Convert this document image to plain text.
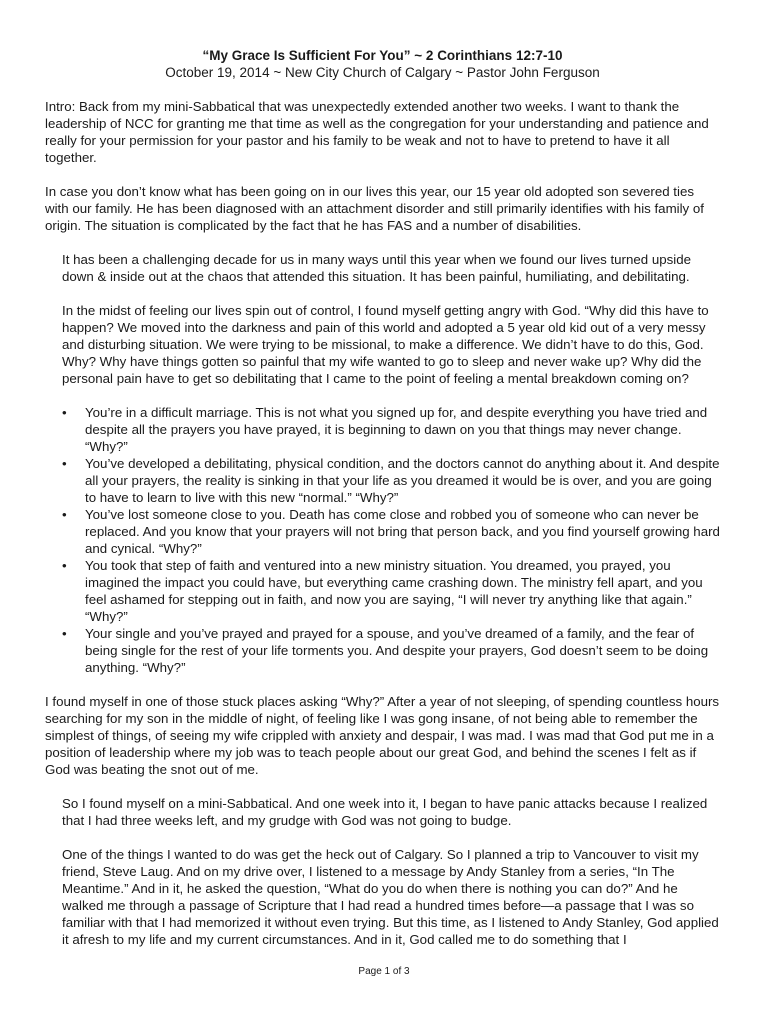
“My Grace Is Sufficient For You” ~ 2 Corinthians 12:7-10
October 19, 2014 ~ New City Church of Calgary ~ Pastor John Ferguson

Intro: Back from my mini-Sabbatical that was unexpectedly extended another two weeks. I want to thank the leadership of NCC for granting me that time as well as the congregation for your understanding and patience and really for your permission for your pastor and his family to be weak and not to have to pretend to have it all together.

In case you don’t know what has been going on in our lives this year, our 15 year old adopted son severed ties with our family. He has been diagnosed with an attachment disorder and still primarily identifies with his family of origin. The situation is complicated by the fact that he has FAS and a number of disabilities.

It has been a challenging decade for us in many ways until this year when we found our lives turned upside down & inside out at the chaos that attended this situation. It has been painful, humiliating, and debilitating.

In the midst of feeling our lives spin out of control, I found myself getting angry with God. “Why did this have to happen? We moved into the darkness and pain of this world and adopted a 5 year old kid out of a very messy and disturbing situation. We were trying to be missional, to make a difference. We didn’t have to do this, God. Why? Why have things gotten so painful that my wife wanted to go to sleep and never wake up? Why did the personal pain have to get so debilitating that I came to the point of feeling a mental breakdown coming on?

• You’re in a difficult marriage. This is not what you signed up for, and despite everything you have tried and despite all the prayers you have prayed, it is beginning to dawn on you that things may never change. “Why?”
• You’ve developed a debilitating, physical condition, and the doctors cannot do anything about it. And despite all your prayers, the reality is sinking in that your life as you dreamed it would be is over, and you are going to have to learn to live with this new “normal.” “Why?”
• You’ve lost someone close to you. Death has come close and robbed you of someone who can never be replaced. And you know that your prayers will not bring that person back, and you find yourself growing hard and cynical. “Why?”
• You took that step of faith and ventured into a new ministry situation. You dreamed, you prayed, you imagined the impact you could have, but everything came crashing down. The ministry fell apart, and you feel ashamed for stepping out in faith, and now you are saying, “I will never try anything like that again.” “Why?”
• Your single and you’ve prayed and prayed for a spouse, and you’ve dreamed of a family, and the fear of being single for the rest of your life torments you. And despite your prayers, God doesn’t seem to be doing anything. “Why?”

I found myself in one of those stuck places asking “Why?” After a year of not sleeping, of spending countless hours searching for my son in the middle of night, of feeling like I was gong insane, of not being able to remember the simplest of things, of seeing my wife crippled with anxiety and despair, I was mad. I was mad that God put me in a position of leadership where my job was to teach people about our great God, and behind the scenes I felt as if God was beating the snot out of me.

So I found myself on a mini-Sabbatical. And one week into it, I began to have panic attacks because I realized that I had three weeks left, and my grudge with God was not going to budge.

One of the things I wanted to do was get the heck out of Calgary. So I planned a trip to Vancouver to visit my friend, Steve Laug. And on my drive over, I listened to a message by Andy Stanley from a series, “In The Meantime.” And in it, he asked the question, “What do you do when there is nothing you can do?” And he walked me through a passage of Scripture that I had read a hundred times before—a passage that I was so familiar with that I had memorized it without even trying. But this time, as I listened to Andy Stanley, God applied it afresh to my life and my current circumstances. And in it, God called me to do something that I

Page 1 of 3
